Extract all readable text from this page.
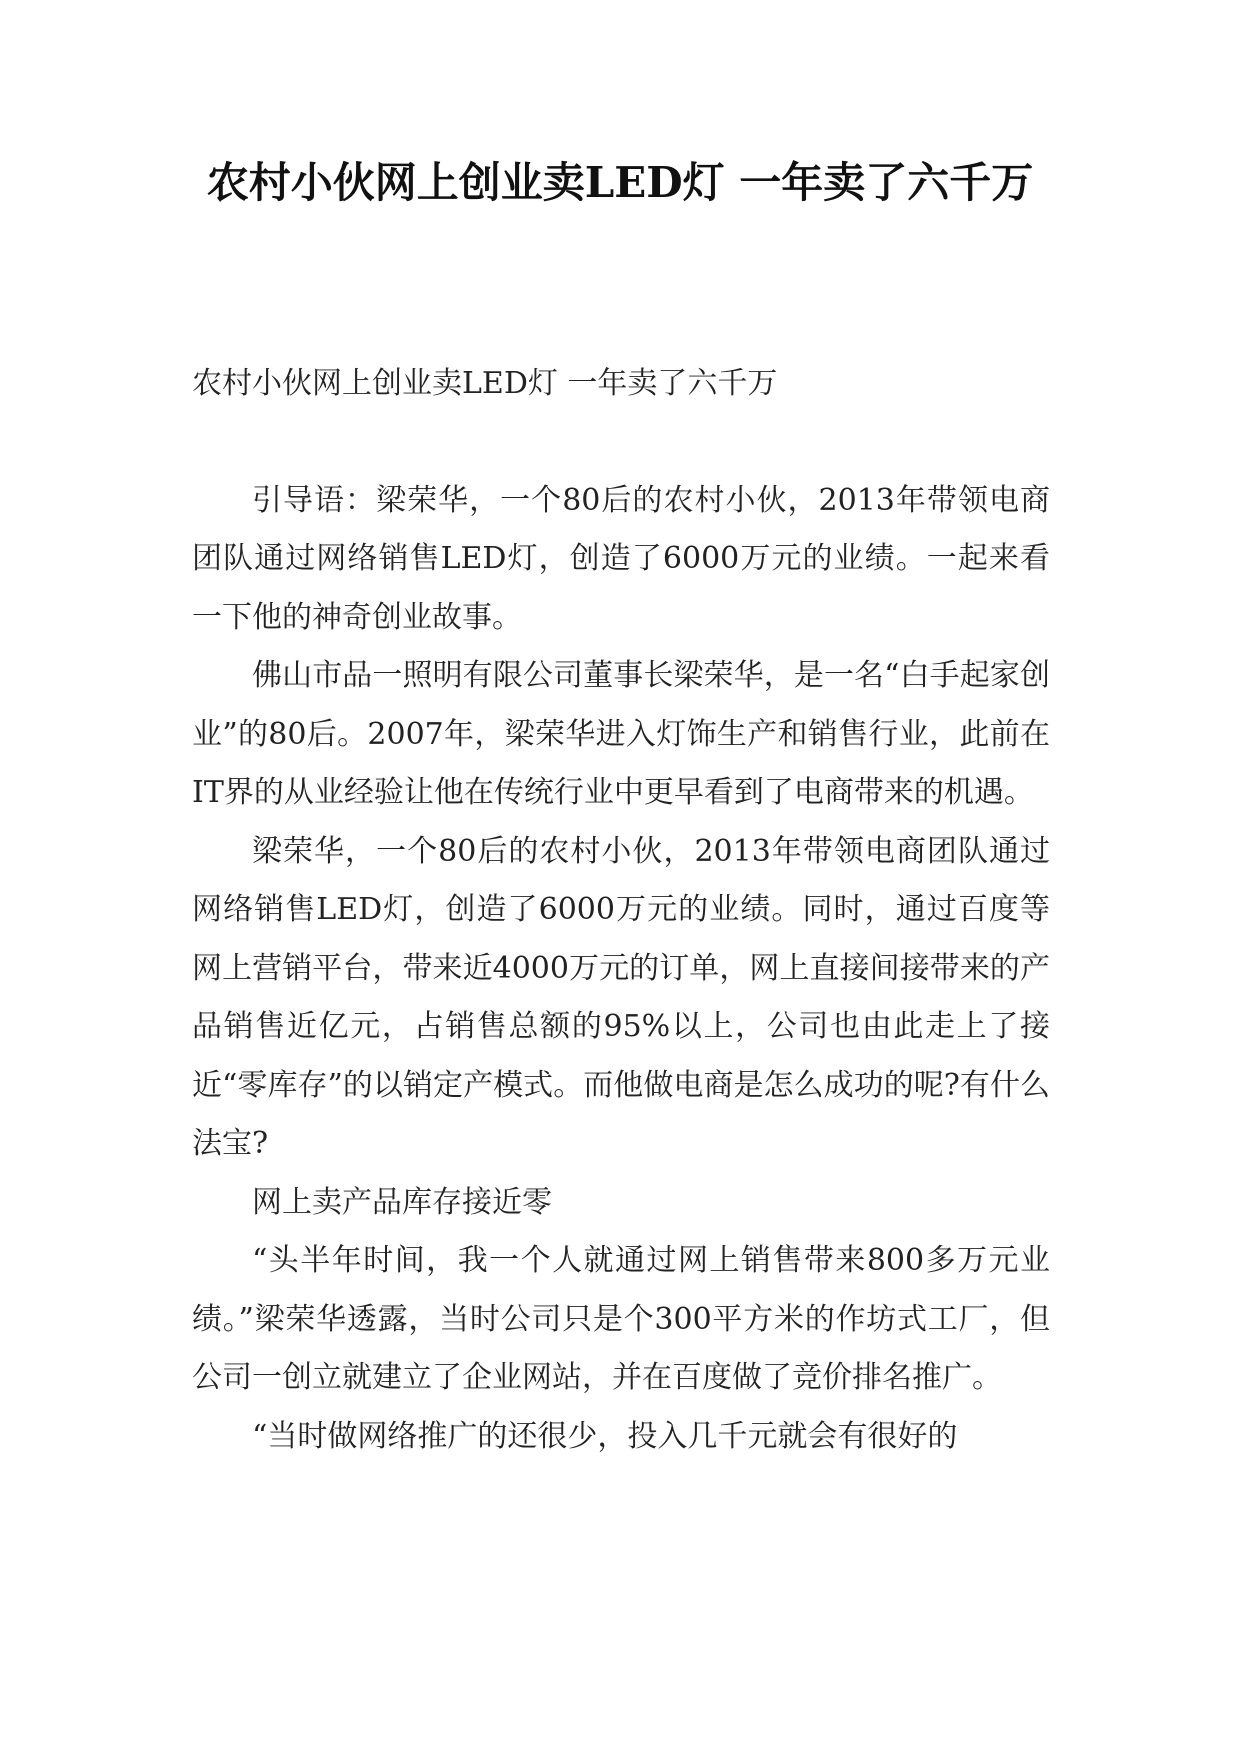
农村小伙网上创业卖LED灯 一年卖了六千万

农村小伙网上创业卖LED灯 一年卖了六千万

引导语：梁荣华，一个80后的农村小伙，2013年带领电商团队通过网络销售LED灯，创造了6000万元的业绩。一起来看一下他的神奇创业故事。

佛山市品一照明有限公司董事长梁荣华，是一名“白手起家创业”的80后。2007年，梁荣华进入灯饰生产和销售行业，此前在IT界的从业经验让他在传统行业中更早看到了电商带来的机遇。

梁荣华，一个80后的农村小伙，2013年带领电商团队通过网络销售LED灯，创造了6000万元的业绩。同时，通过百度等网上营销平台，带来近4000万元的订单，网上直接间接带来的产品销售近亿元，占销售总额的95%以上，公司也由此走上了接近“零库存”的以销定产模式。而他做电商是怎么成功的呢?有什么法宝?

网上卖产品库存接近零

“头半年时间，我一个人就通过网上销售带来800多万元业绩。”梁荣华透露，当时公司只是个300平方米的作坊式工厂，但公司一创立就建立了企业网站，并在百度做了竞价排名推广。

“当时做网络推广的还很少，投入几千元就会有很好的
